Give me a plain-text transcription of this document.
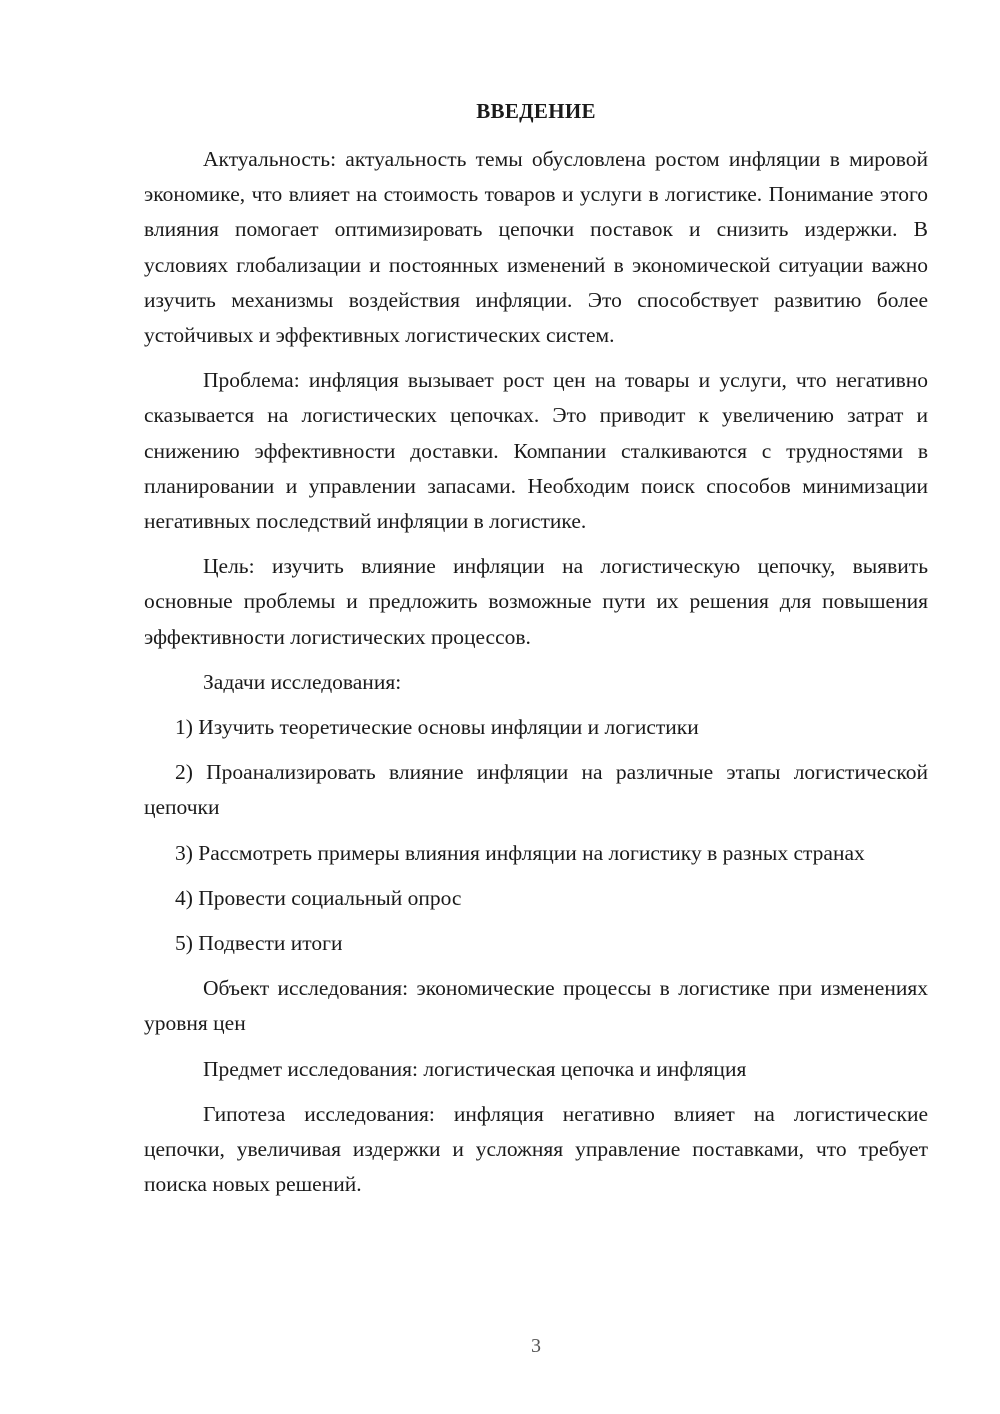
ВВЕДЕНИЕ

Актуальность: актуальность темы обусловлена ростом инфляции в мировой экономике, что влияет на стоимость товаров и услуги в логистике. Понимание этого влияния помогает оптимизировать цепочки поставок и снизить издержки. В условиях глобализации и постоянных изменений в экономической ситуации важно изучить механизмы воздействия инфляции. Это способствует развитию более устойчивых и эффективных логистических систем.

Проблема: инфляция вызывает рост цен на товары и услуги, что негативно сказывается на логистических цепочках. Это приводит к увеличению затрат и снижению эффективности доставки. Компании сталкиваются с трудностями в планировании и управлении запасами. Необходим поиск способов минимизации негативных последствий инфляции в логистике.

Цель: изучить влияние инфляции на логистическую цепочку, выявить основные проблемы и предложить возможные пути их решения для повышения эффективности логистических процессов.

Задачи исследования:

1) Изучить теоретические основы инфляции и логистики

2) Проанализировать влияние инфляции на различные этапы логистической цепочки

3) Рассмотреть примеры влияния инфляции на логистику в разных странах

4) Провести социальный опрос

5) Подвести итоги

Объект исследования: экономические процессы в логистике при изменениях уровня цен

Предмет исследования: логистическая цепочка и инфляция

Гипотеза исследования: инфляция негативно влияет на логистические цепочки, увеличивая издержки и усложняя управление поставками, что требует поиска новых решений.

3
